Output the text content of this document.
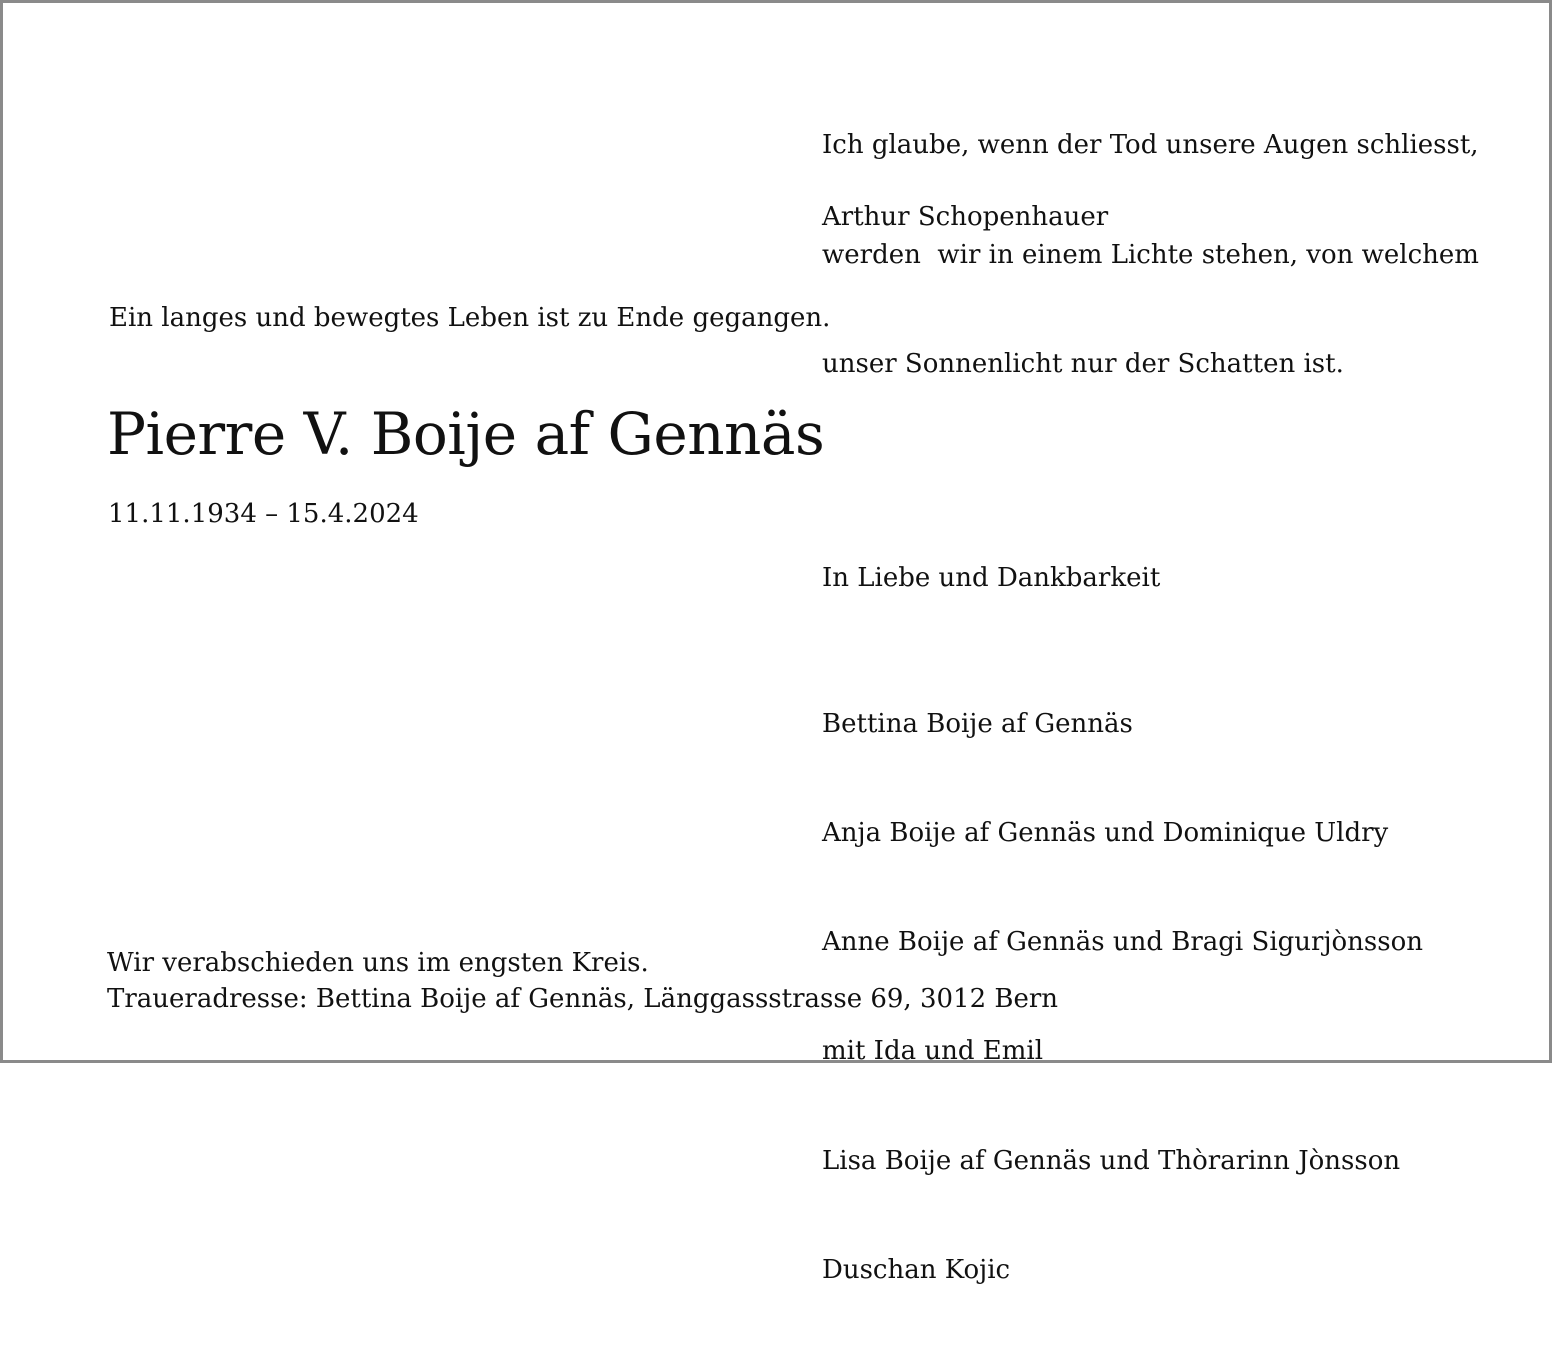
Ich glaube, wenn der Tod unsere Augen schliesst,

werden  wir in einem Lichte stehen, von welchem

unser Sonnenlicht nur der Schatten ist.

Arthur Schopenhauer
Ein langes und bewegtes Leben ist zu Ende gegangen.
Pierre V. Boije af Gennäs
11.11.1934 – 15.4.2024
In Liebe und Dankbarkeit

Bettina Boije af Gennäs

Anja Boije af Gennäs und Dominique Uldry

Anne Boije af Gennäs und Bragi Sigurjònsson

mit Ida und Emil

Lisa Boije af Gennäs und Thòrarinn Jònsson

Duschan Kojic

Wir verabschieden uns im engsten Kreis.
Traueradresse: Bettina Boije af Gennäs, Länggassstrasse 69, 3012 Bern
